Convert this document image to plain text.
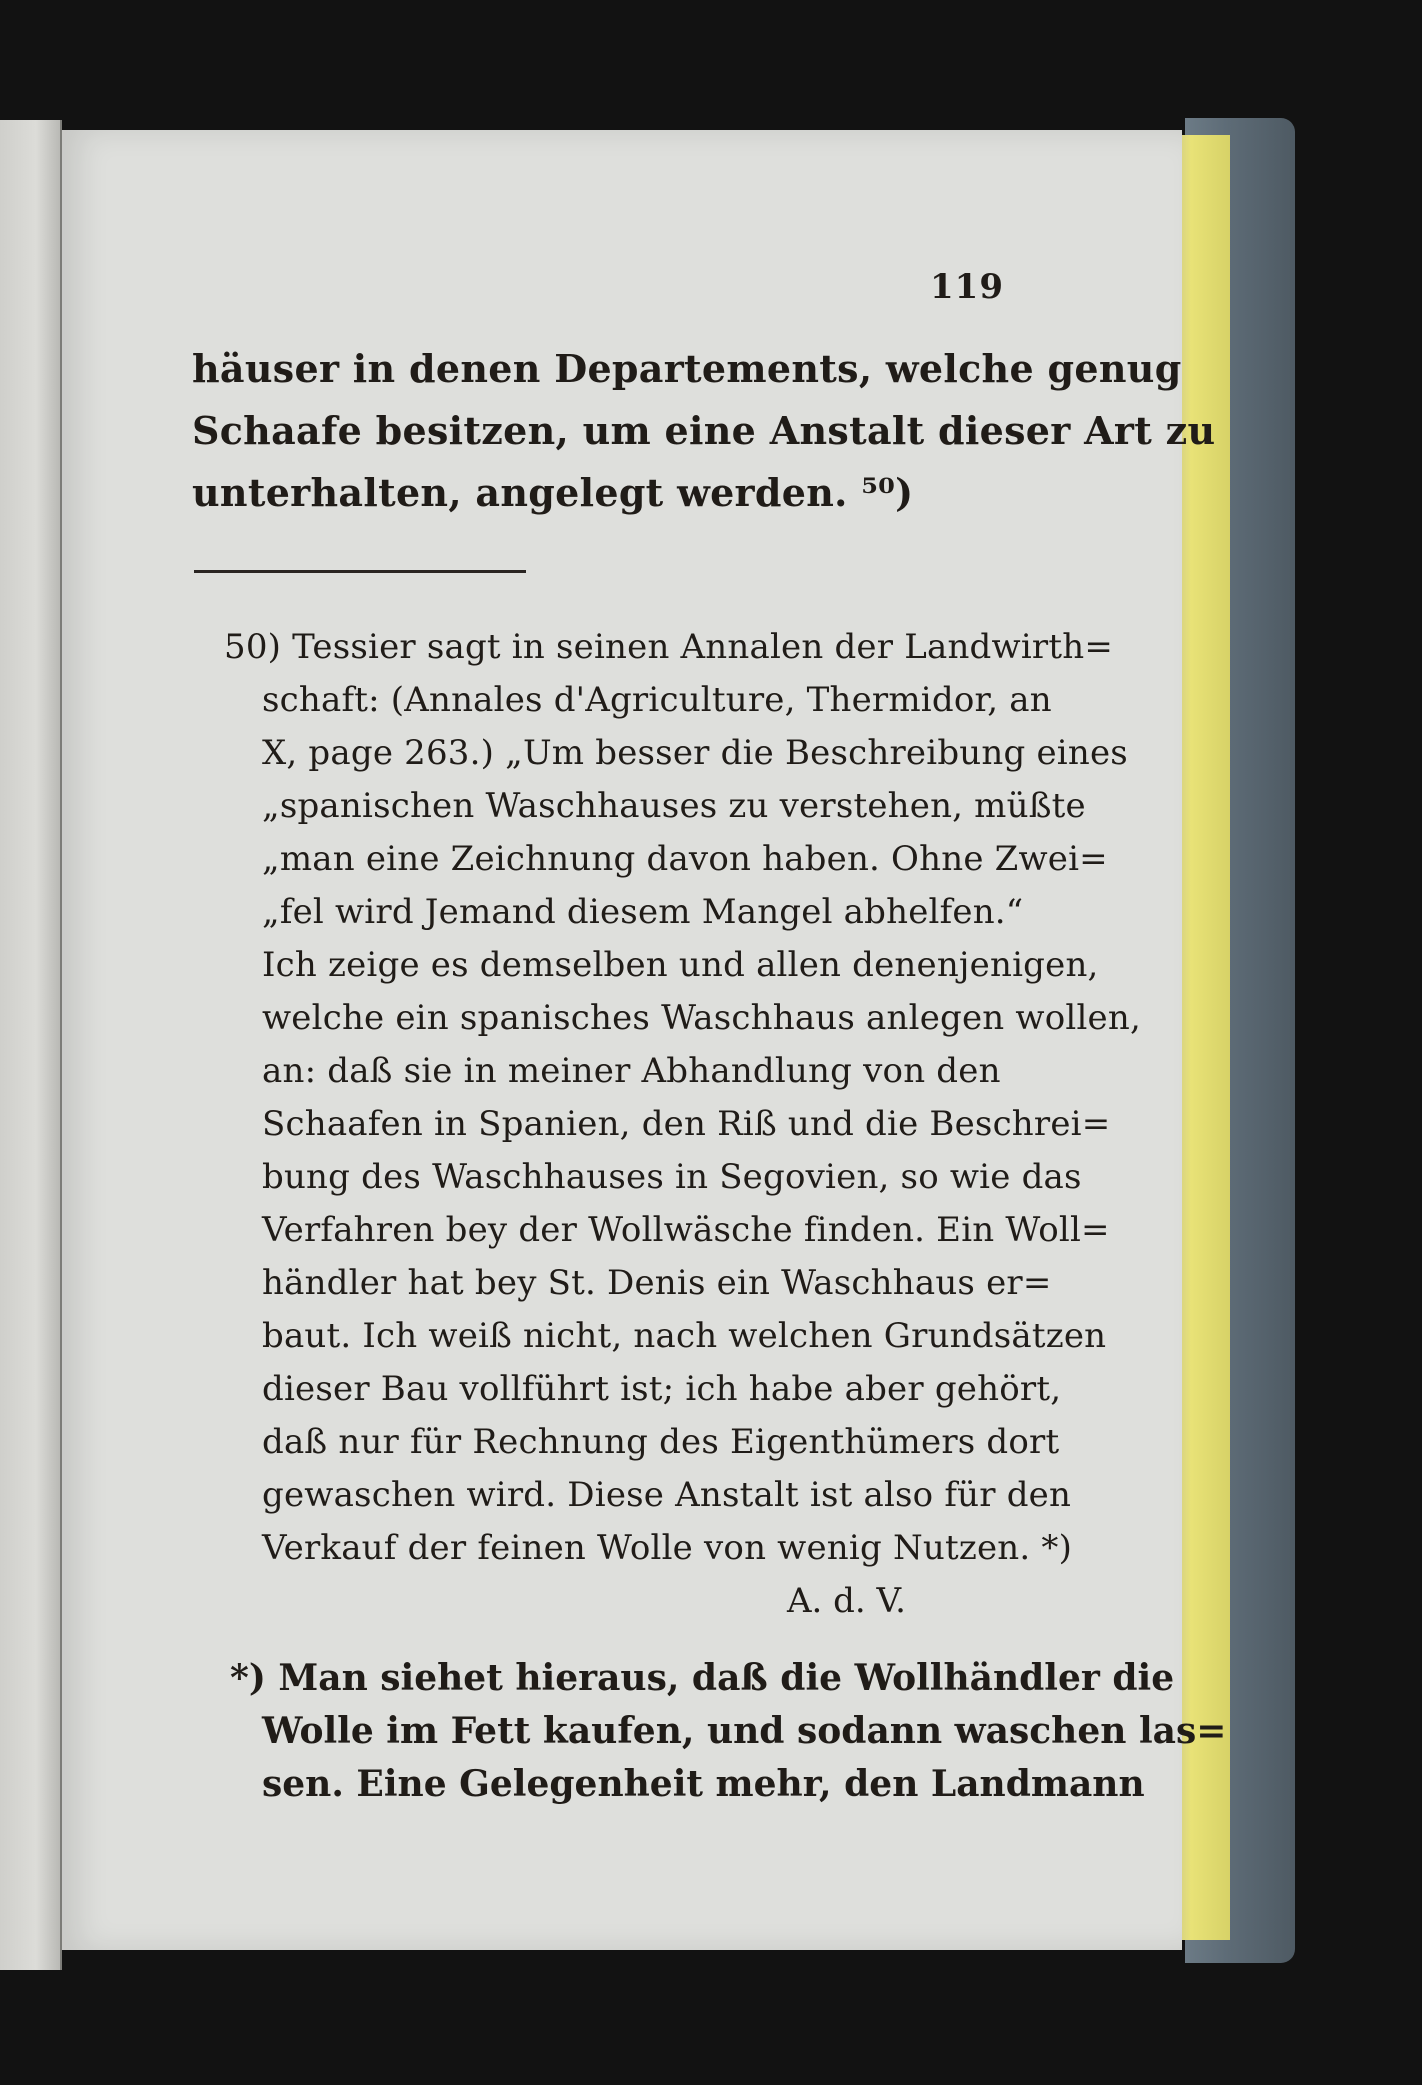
119
häuser in denen Departements, welche genug
Schaafe besitzen, um eine Anstalt dieser Art zu
unterhalten, angelegt werden. ⁵⁰)
50) Tessier sagt in seinen Annalen der Landwirth=
schaft: (Annales d'Agriculture, Thermidor, an
X, page 263.) „Um besser die Beschreibung eines
„spanischen Waschhauses zu verstehen, müßte
„man eine Zeichnung davon haben. Ohne Zwei=
„fel wird Jemand diesem Mangel abhelfen.“
Ich zeige es demselben und allen denenjenigen,
welche ein spanisches Waschhaus anlegen wollen,
an: daß sie in meiner Abhandlung von den
Schaafen in Spanien, den Riß und die Beschrei=
bung des Waschhauses in Segovien, so wie das
Verfahren bey der Wollwäsche finden. Ein Woll=
händler hat bey St. Denis ein Waschhaus er=
baut. Ich weiß nicht, nach welchen Grundsätzen
dieser Bau vollführt ist; ich habe aber gehört,
daß nur für Rechnung des Eigenthümers dort
gewaschen wird. Diese Anstalt ist also für den
Verkauf der feinen Wolle von wenig Nutzen. *)
A. d. V.
*) Man siehet hieraus, daß die Wollhändler die
Wolle im Fett kaufen, und sodann waschen las=
sen. Eine Gelegenheit mehr, den Landmann
